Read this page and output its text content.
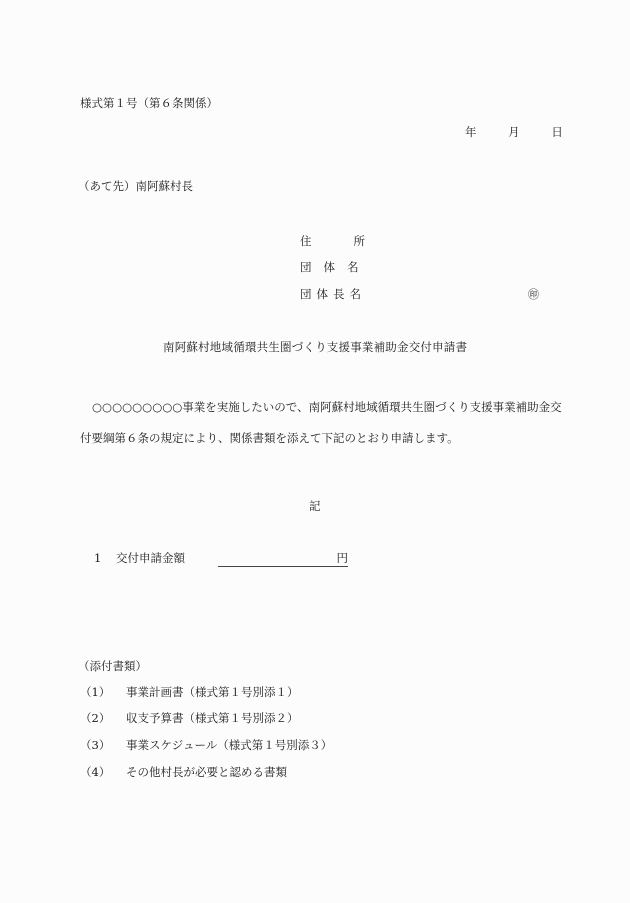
様式第１号（第６条関係）
年	月	日
（あて先）南阿蘇村長
住所
団体名
団体長名	㊞
南阿蘇村地域循環共生圏づくり支援事業補助金交付申請書
○○○○○○○○○事業を実施したいので、南阿蘇村地域循環共生圏づくり支援事業補助金交付要綱第６条の規定により、関係書類を添えて下記のとおり申請します。
記
1 交付申請金額	円
（添付書類）
（1） 事業計画書（様式第１号別添１）
（2） 収支予算書（様式第１号別添２）
（3） 事業スケジュール（様式第１号別添３）
（4） その他村長が必要と認める書類
